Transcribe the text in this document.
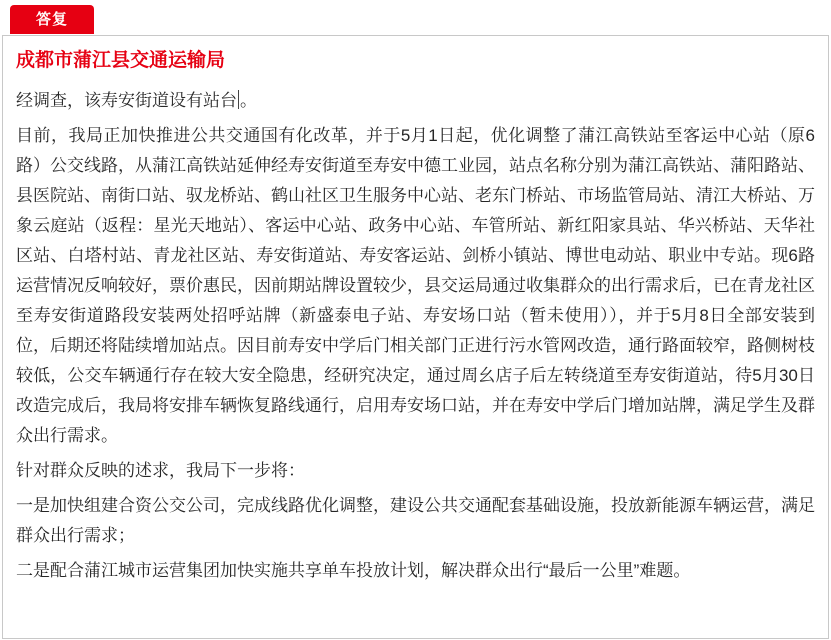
答复
成都市蒲江县交通运输局

经调查，该寿安街道设有站台 。

目前，我局正加快推进公共交通国有化改革，并于5月1日起，优化调整了蒲江高铁站至客运中心站（原6路）公交线路，从蒲江高铁站延伸经寿安街道至寿安中德工业园，站点名称分别为蒲江高铁站、蒲阳路站、县医院站、南街口站、驭龙桥站、鹤山社区卫生服务中心站、老东门桥站、市场监管局站、清江大桥站、万象云庭站（返程：星光天地站）、客运中心站、政务中心站、车管所站、新红阳家具站、华兴桥站、天华社区站、白塔村站、青龙社区站、寿安街道站、寿安客运站、剑桥小镇站、博世电动站、职业中专站。现6路运营情况反响较好，票价惠民，因前期站牌设置较少，县交运局通过收集群众的出行需求后，已在青龙社区至寿安街道路段安装两处招呼站牌（新盛泰电子站、寿安场口站（暂未使用）），并于5月8日全部安装到位，后期还将陆续增加站点。因目前寿安中学后门相关部门正进行污水管网改造，通行路面较窄，路侧树枝较低，公交车辆通行存在较大安全隐患，经研究决定，通过周幺店子后左转绕道至寿安街道站，待5月30日改造完成后，我局将安排车辆恢复路线通行，启用寿安场口站，并在寿安中学后门增加站牌，满足学生及群众出行需求。

针对群众反映的述求，我局下一步将：

一是加快组建合资公交公司，完成线路优化调整，建设公共交通配套基础设施，投放新能源车辆运营，满足群众出行需求；

二是配合蒲江城市运营集团加快实施共享单车投放计划，解决群众出行“最后一公里”难题。
